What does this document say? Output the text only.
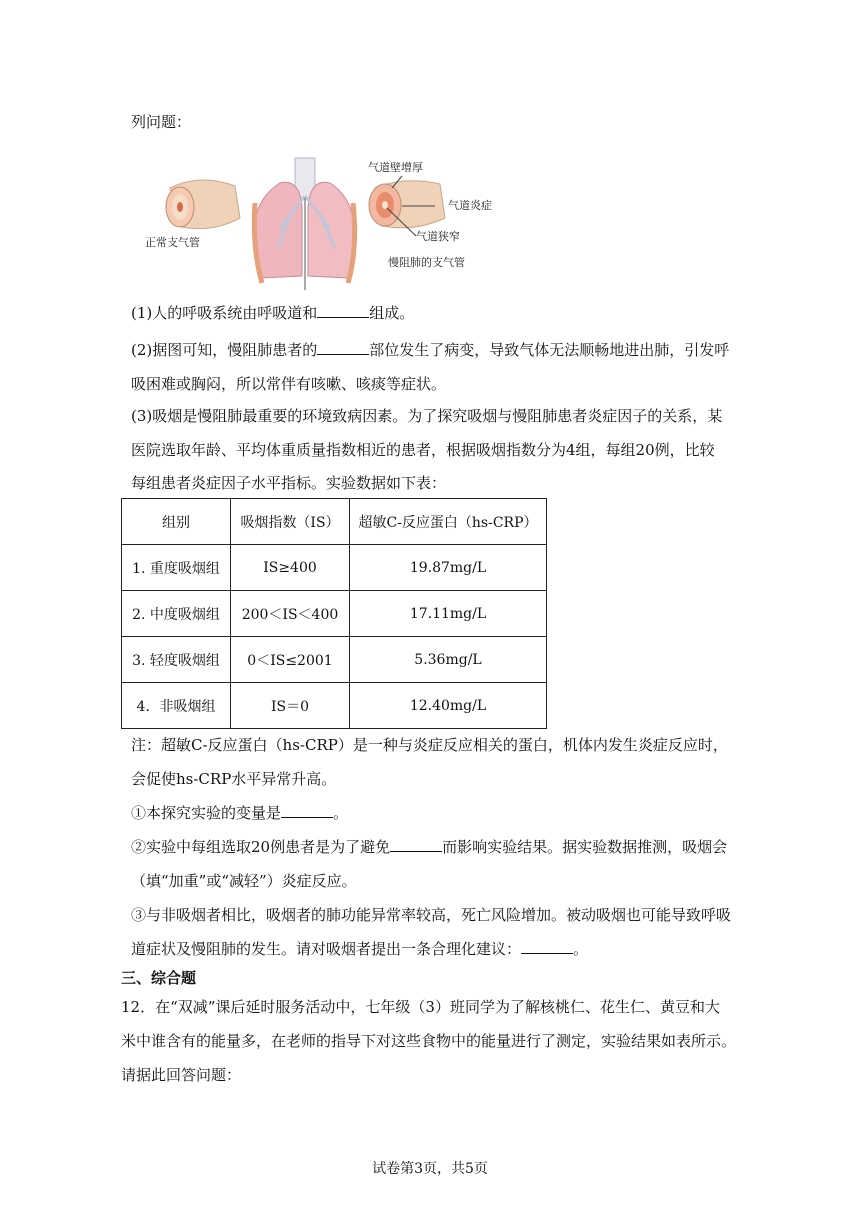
列问题：
气道壁增厚
气道炎症
气道狭窄
慢阻肺的支气管
正常支气管
(1)人的呼吸系统由呼吸道和	组成。
(2)据图可知，慢阻肺患者的	部位发生了病变，导致气体无法顺畅地进出肺，引发呼
吸困难或胸闷，所以常伴有咳嗽、咳痰等症状。
(3)吸烟是慢阻肺最重要的环境致病因素。为了探究吸烟与慢阻肺患者炎症因子的关系，某
医院选取年龄、平均体重质量指数相近的患者，根据吸烟指数分为4组，每组20例，比较
每组患者炎症因子水平指标。实验数据如下表：
组别	吸烟指数（IS）	超敏C-反应蛋白（hs-CRP）
1. 重度吸烟组	IS≥400	19.87mg/L
2. 中度吸烟组	200＜IS＜400	17.11mg/L
3. 轻度吸烟组	0＜IS≤2001	5.36mg/L
4．非吸烟组	IS＝0	12.40mg/L
注：超敏C-反应蛋白（hs-CRP）是一种与炎症反应相关的蛋白，机体内发生炎症反应时，
会促使hs-CRP水平异常升高。
①本探究实验的变量是	。
②实验中每组选取20例患者是为了避免	而影响实验结果。据实验数据推测，吸烟会
（填“加重”或“减轻”）炎症反应。
③与非吸烟者相比，吸烟者的肺功能异常率较高，死亡风险增加。被动吸烟也可能导致呼吸
道症状及慢阻肺的发生。请对吸烟者提出一条合理化建议：	。
三、综合题
12．在“双减”课后延时服务活动中，七年级（3）班同学为了解核桃仁、花生仁、黄豆和大
米中谁含有的能量多，在老师的指导下对这些食物中的能量进行了测定，实验结果如表所示。
请据此回答问题：
试卷第3页，共5页
